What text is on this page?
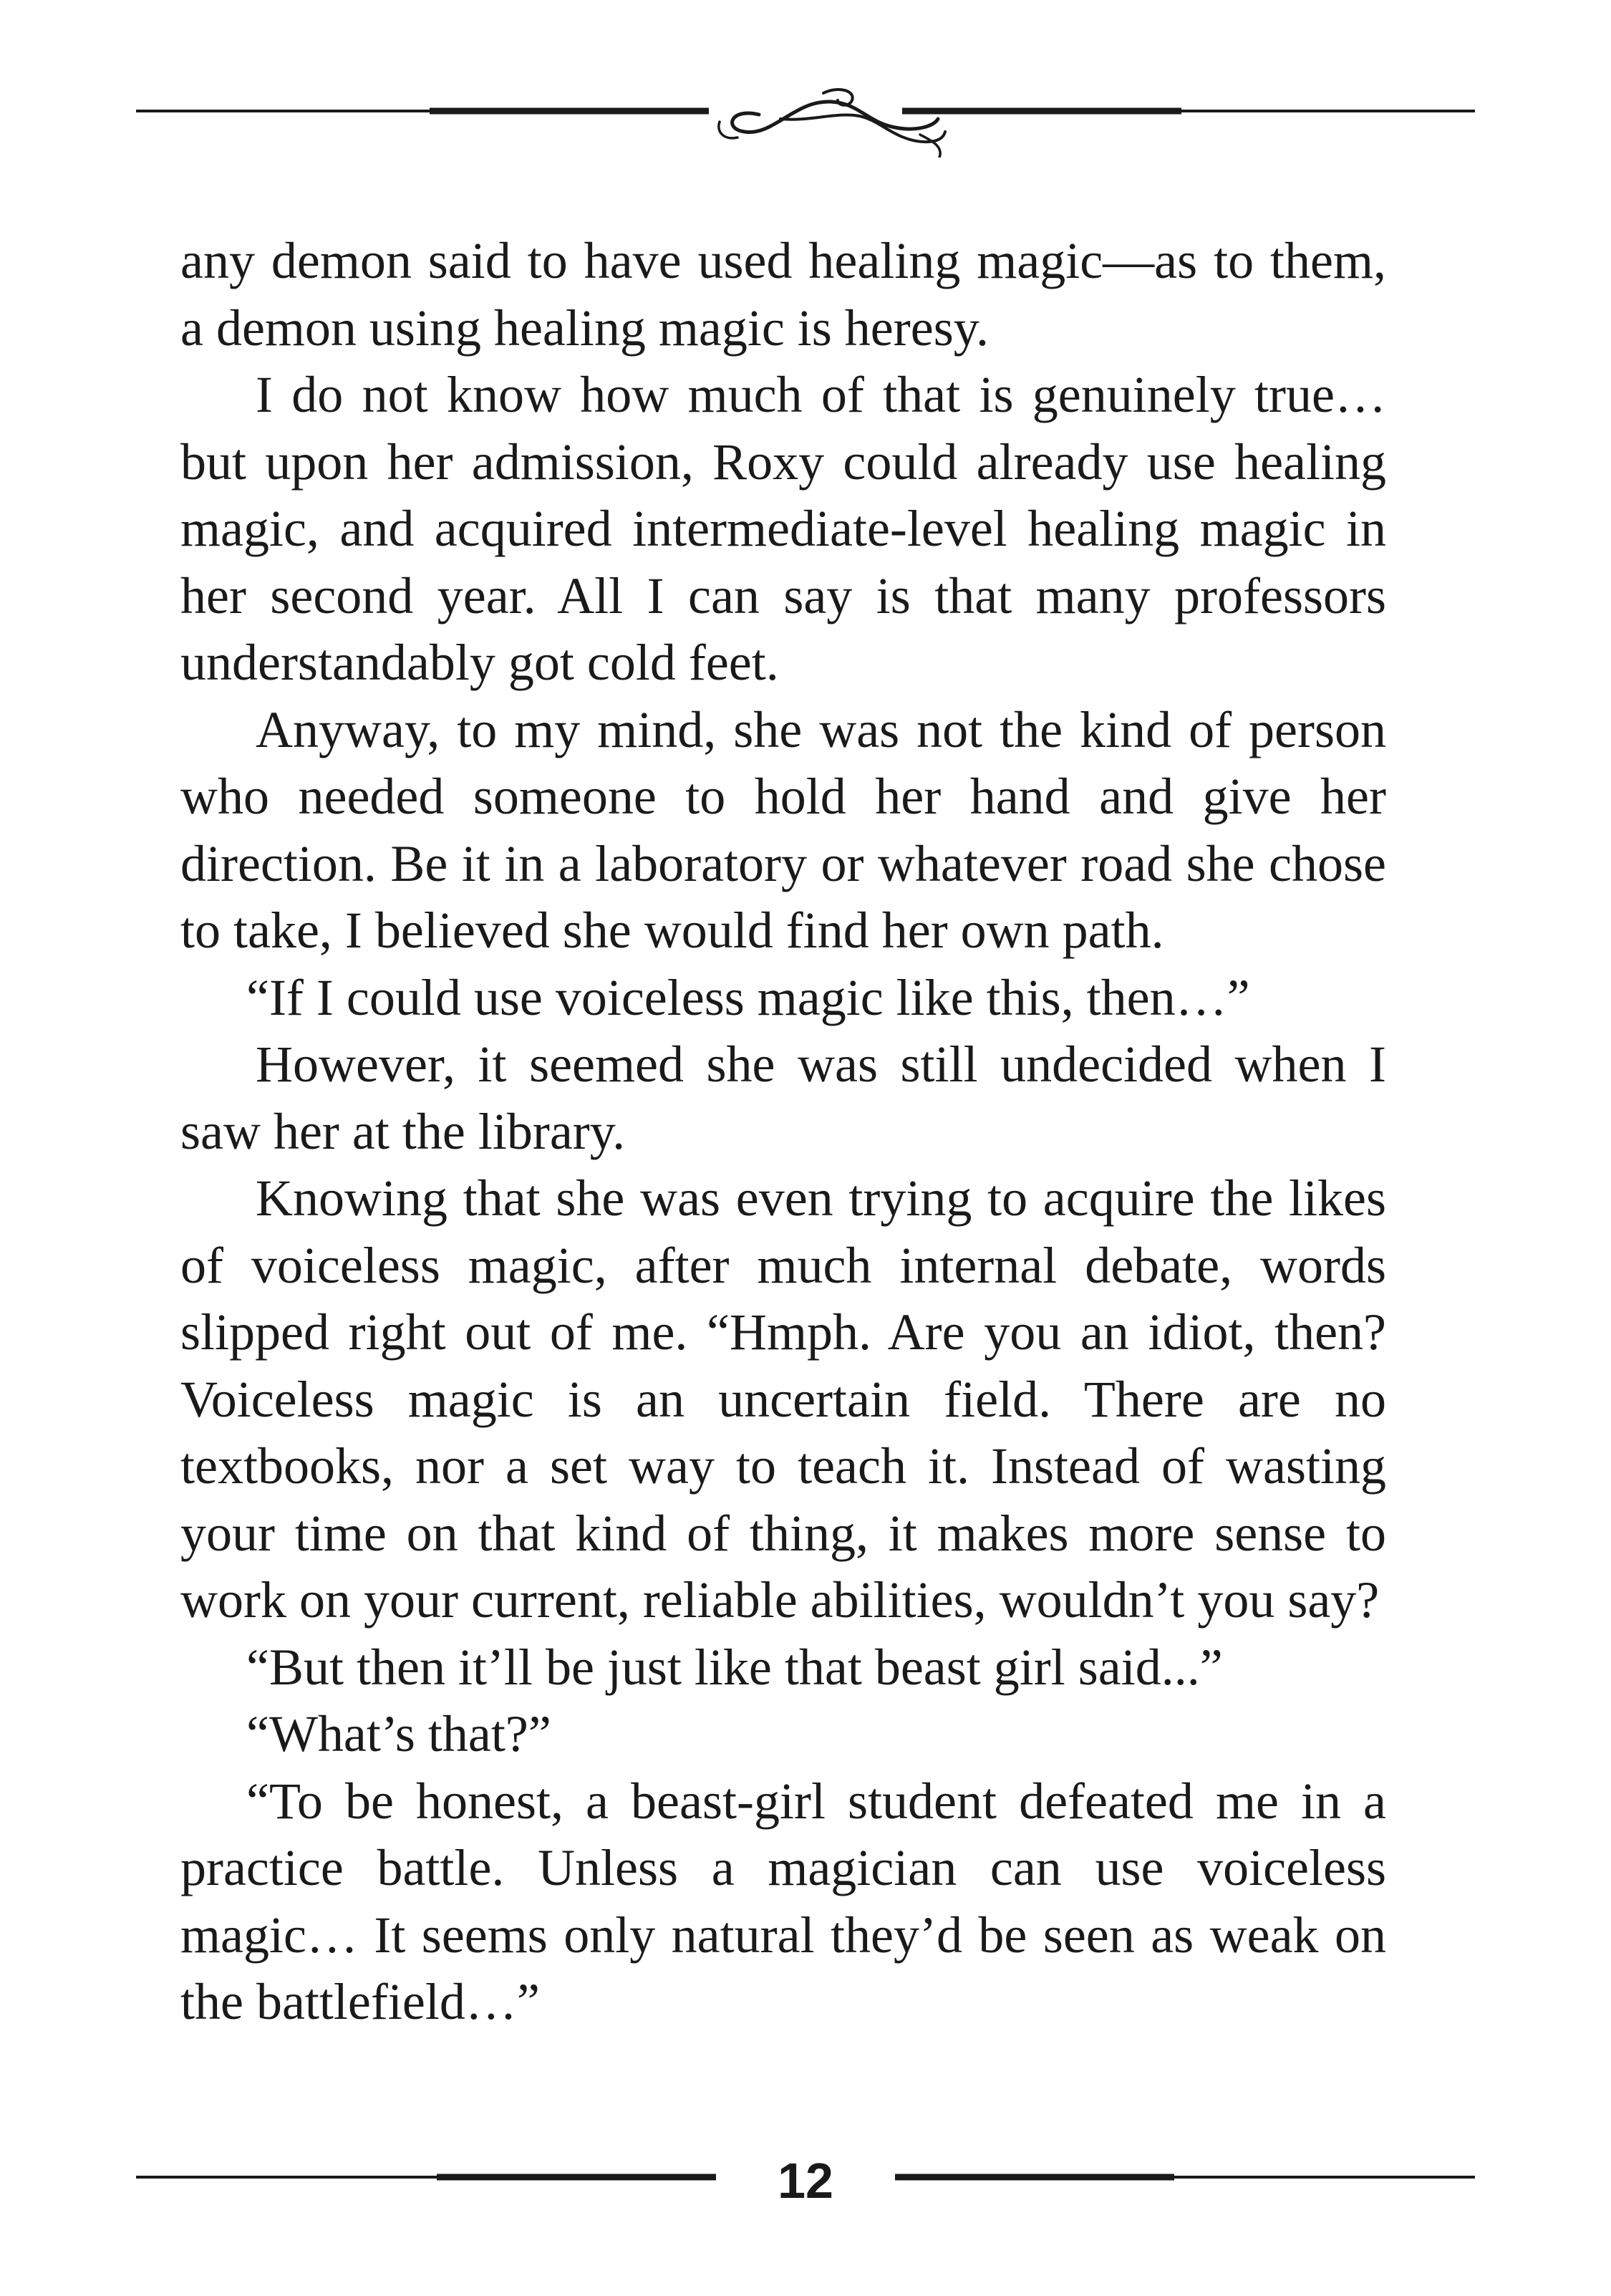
any demon said to have used healing magic—as to them, a demon using healing magic is heresy.

I do not know how much of that is genuinely true… but upon her admission, Roxy could already use healing magic, and acquired intermediate-level healing magic in her second year. All I can say is that many professors understandably got cold feet.

Anyway, to my mind, she was not the kind of person who needed someone to hold her hand and give her direction. Be it in a laboratory or whatever road she chose to take, I believed she would find her own path.

“If I could use voiceless magic like this, then…”

However, it seemed she was still undecided when I saw her at the library.

Knowing that she was even trying to acquire the likes of voiceless magic, after much internal debate, words slipped right out of me. “Hmph. Are you an idiot, then? Voiceless magic is an uncertain field. There are no textbooks, nor a set way to teach it. Instead of wasting your time on that kind of thing, it makes more sense to work on your current, reliable abilities, wouldn’t you say?

“But then it’ll be just like that beast girl said...”

“What’s that?”

“To be honest, a beast-girl student defeated me in a practice battle. Unless a magician can use voiceless magic… It seems only natural they’d be seen as weak on the battlefield…”

12
